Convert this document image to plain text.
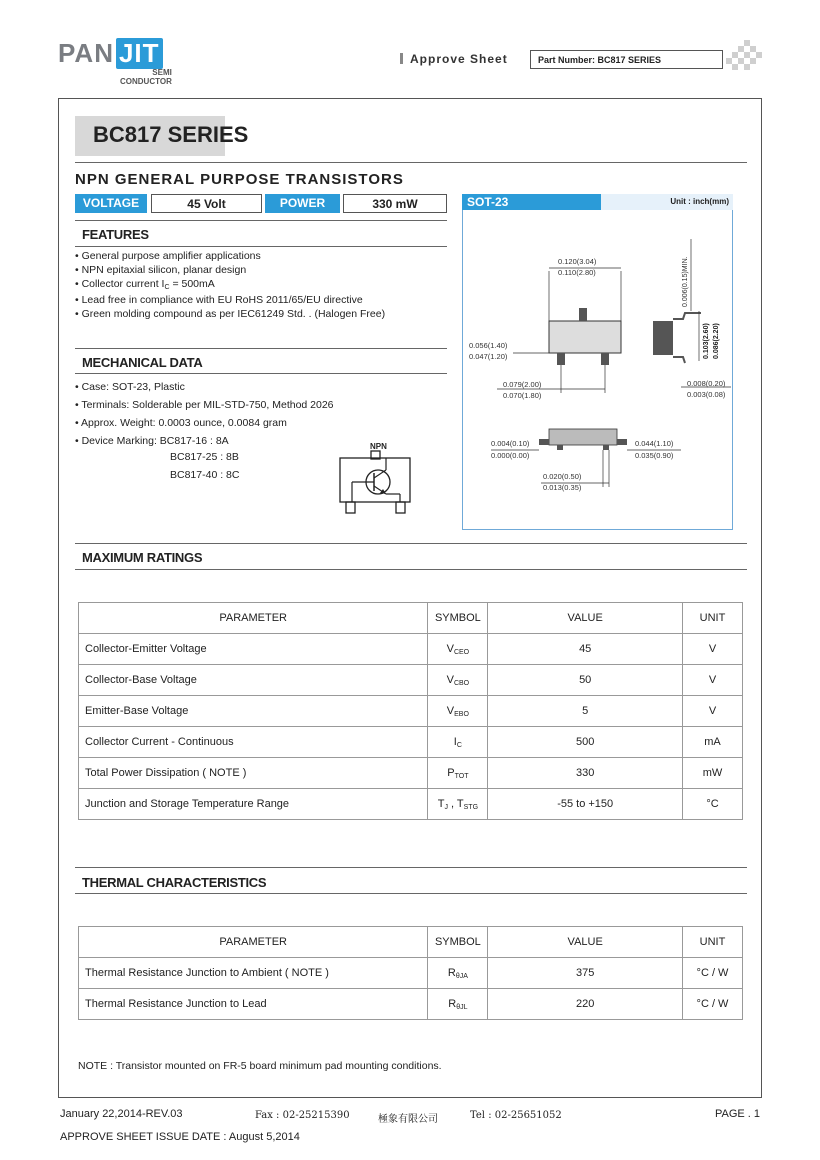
PAN JIT
SEMI
CONDUCTOR
Approve Sheet	Part Number: BC817 SERIES
BC817 SERIES
NPN GENERAL PURPOSE TRANSISTORS
VOLTAGE	45 Volt	POWER	330 mW
FEATURES
• General purpose amplifier applications
• NPN epitaxial silicon, planar design
• Collector current $I_C = 500mA$
• Lead free in compliance with EU RoHS 2011/65/EU directive
• Green molding compound as per IEC61249 Std. . (Halogen Free)
MECHANICAL DATA
• Case: SOT-23, Plastic
• Terminals: Solderable per MIL-STD-750, Method 2026
• Approx. Weight: 0.0003 ounce, 0.0084 gram
• Device Marking: BC817-16 : 8A
BC817-25 : 8B
BC817-40 : 8C
NPN
SOT-23	Unit : inch(mm)
0.120(3.04)
0.110(2.80)
0.056(1.40)
0.047(1.20)
0.079(2.00)
0.070(1.80)
0.006(0.15)MIN.
0.103(2.60) 0.086(2.20)
0.008(0.20)
0.003(0.08)
0.004(0.10)
0.000(0.00)
0.044(1.10)
0.035(0.90)
0.020(0.50)
0.013(0.35)
MAXIMUM RATINGS
PARAMETER	SYMBOL	VALUE	UNIT
Collector-Emitter Voltage	$V_{CEO}$	45	V
Collector-Base Voltage	$V_{CBO}$	50	V
Emitter-Base Voltage	$V_{EBO}$	5	V
Collector Current - Continuous	$I_C$	500	mA
Total Power Dissipation ( NOTE )	$P_{TOT}$	330	mW
Junction and Storage Temperature Range	$T_J$ , $T_{STG}$	-55 to +150	°C
THERMAL CHARACTERISTICS
PARAMETER	SYMBOL	VALUE	UNIT
Thermal Resistance Junction to Ambient ( NOTE )	$R_{\theta JA}$	375	°C / W
Thermal Resistance Junction to Lead	$R_{\theta JL}$	220	°C / W
NOTE : Transistor mounted on FR-5 board minimum pad mounting conditions.
January 22,2014-REV.03	Fax : 02-25215390	極象有限公司	Tel : 02-25651052	PAGE . 1
APPROVE SHEET ISSUE DATE : August 5,2014
